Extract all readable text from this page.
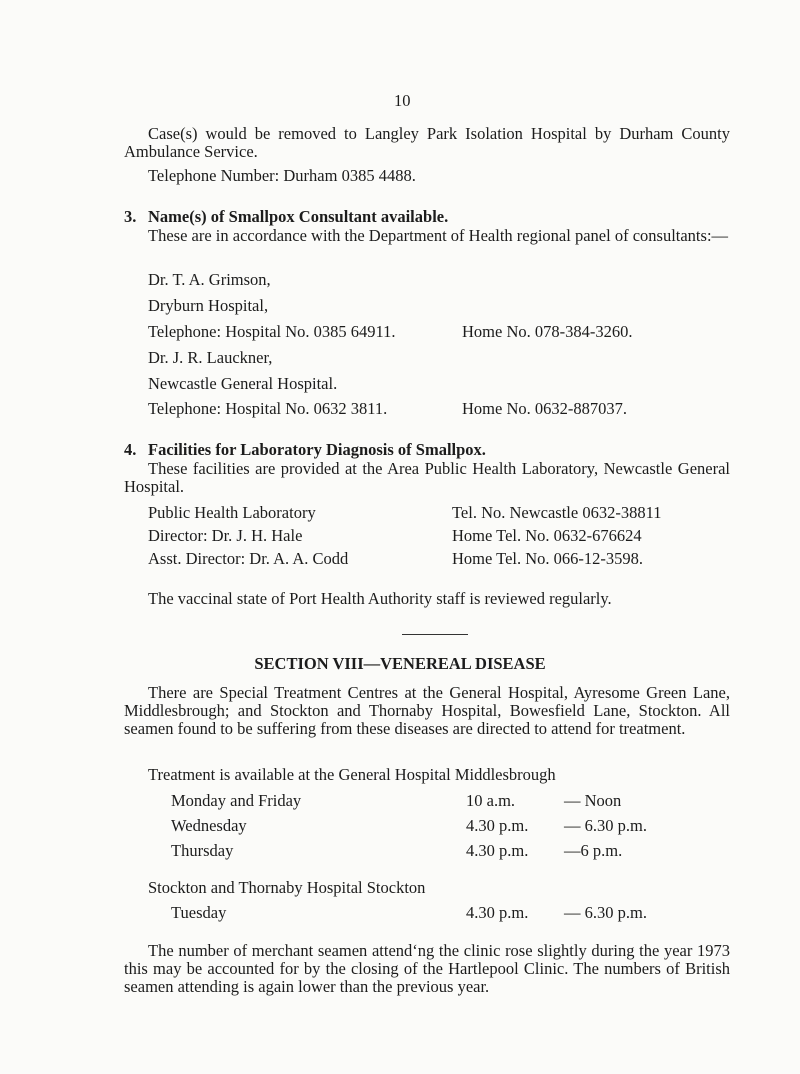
10
Case(s) would be removed to Langley Park Isolation Hospital by Durham County Ambulance Service.
Telephone Number: Durham 0385 4488.
3. Name(s) of Smallpox Consultant available.
These are in accordance with the Department of Health regional panel of consultants:—
Dr. T. A. Grimson,
Dryburn Hospital,
Telephone: Hospital No. 0385 64911.	Home No. 078-384-3260.
Dr. J. R. Lauckner,
Newcastle General Hospital.
Telephone: Hospital No. 0632 3811.	Home No. 0632-887037.
4. Facilities for Laboratory Diagnosis of Smallpox.
These facilities are provided at the Area Public Health Laboratory, Newcastle General Hospital.
Public Health Laboratory	Tel. No. Newcastle 0632-38811
Director: Dr. J. H. Hale	Home Tel. No. 0632-676624
Asst. Director: Dr. A. A. Codd	Home Tel. No. 066-12-3598.
The vaccinal state of Port Health Authority staff is reviewed regularly.
SECTION VIII—VENEREAL DISEASE
There are Special Treatment Centres at the General Hospital, Ayresome Green Lane, Middlesbrough; and Stockton and Thornaby Hospital, Bowesfield Lane, Stockton. All seamen found to be suffering from these diseases are directed to attend for treatment.
Treatment is available at the General Hospital Middlesbrough
Monday and Friday	10 a.m.	— Noon
Wednesday	4.30 p.m. — 6.30 p.m.
Thursday	4.30 p.m. —6 p.m.
Stockton and Thornaby Hospital Stockton
Tuesday	4.30 p.m. — 6.30 p.m.
The number of merchant seamen attend‘ng the clinic rose slightly during the year 1973 this may be accounted for by the closing of the Hartlepool Clinic. The numbers of British seamen attending is again lower than the previous year.
